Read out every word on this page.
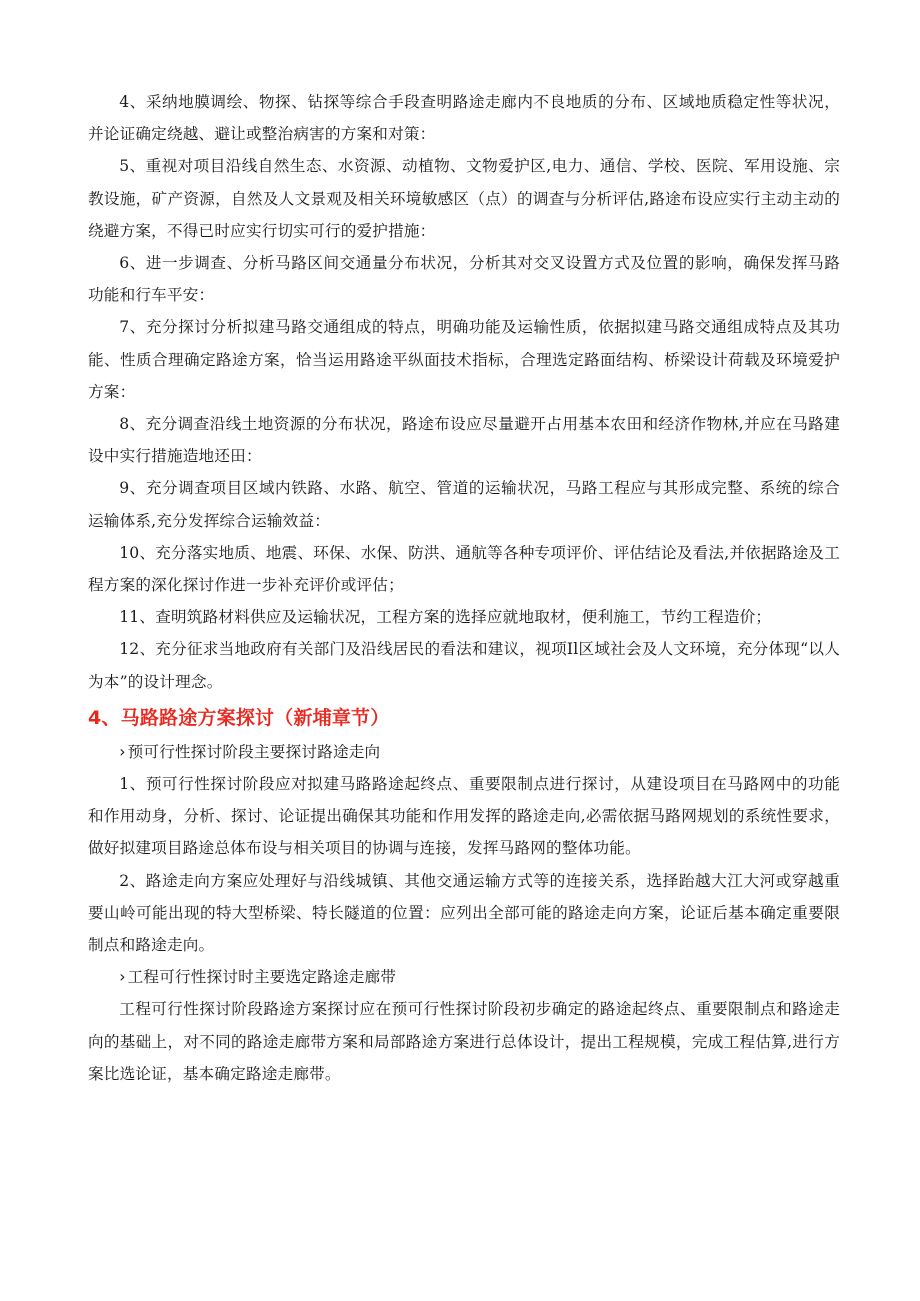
4、采纳地膜调绘、物探、钻探等综合手段查明路途走廊内不良地质的分布、区域地质稳定性等状况，并论证确定绕越、避让或整治病害的方案和对策：

5、重视对项目沿线自然生态、水资源、动植物、文物爱护区,电力、通信、学校、医院、军用设施、宗教设施，矿产资源，自然及人文景观及相关环境敏感区（点）的调查与分析评估,路途布设应实行主动主动的绕避方案，不得已时应实行切实可行的爱护措施：

6、进一步调查、分析马路区间交通量分布状况，分析其对交叉设置方式及位置的影响，确保发挥马路功能和行车平安：

7、充分探讨分析拟建马路交通组成的特点，明确功能及运输性质，依据拟建马路交通组成特点及其功能、性质合理确定路途方案，恰当运用路途平纵面技术指标，合理选定路面结构、桥梁设计荷载及环境爱护方案：

8、充分调查沿线土地资源的分布状况，路途布设应尽量避开占用基本农田和经济作物林,并应在马路建设中实行措施造地还田：

9、充分调查项目区域内铁路、水路、航空、管道的运输状况，马路工程应与其形成完整、系统的综合运输体系,充分发挥综合运输效益：

10、充分落实地质、地震、环保、水保、防洪、通航等各种专项评价、评估结论及看法,并依据路途及工程方案的深化探讨作进一步补充评价或评估；

11、查明筑路材料供应及运输状况，工程方案的选择应就地取材，便利施工，节约工程造价；

12、充分征求当地政府有关部门及沿线居民的看法和建议，视项Il区域社会及人文环境，充分体现“以人为本”的设计理念。

4、马路路途方案探讨（新埔章节）

› 预可行性探讨阶段主要探讨路途走向

1、预可行性探讨阶段应对拟建马路路途起终点、重要限制点进行探讨，从建设项目在马路网中的功能和作用动身，分析、探讨、论证提出确保其功能和作用发挥的路途走向,必需依据马路网规划的系统性要求，做好拟建项目路途总体布设与相关项目的协调与连接，发挥马路网的整体功能。

2、路途走向方案应处理好与沿线城镇、其他交通运输方式等的连接关系，选择跆越大江大河或穿越重要山岭可能出现的特大型桥梁、特长隧道的位置：应列出全部可能的路途走向方案，论证后基本确定重要限制点和路途走向。

› 工程可行性探讨时主要选定路途走廊带

工程可行性探讨阶段路途方案探讨应在预可行性探讨阶段初步确定的路途起终点、重要限制点和路途走向的基础上，对不同的路途走廊带方案和局部路途方案进行总体设计，提出工程规模，完成工程估算,进行方案比选论证，基本确定路途走廊带。
